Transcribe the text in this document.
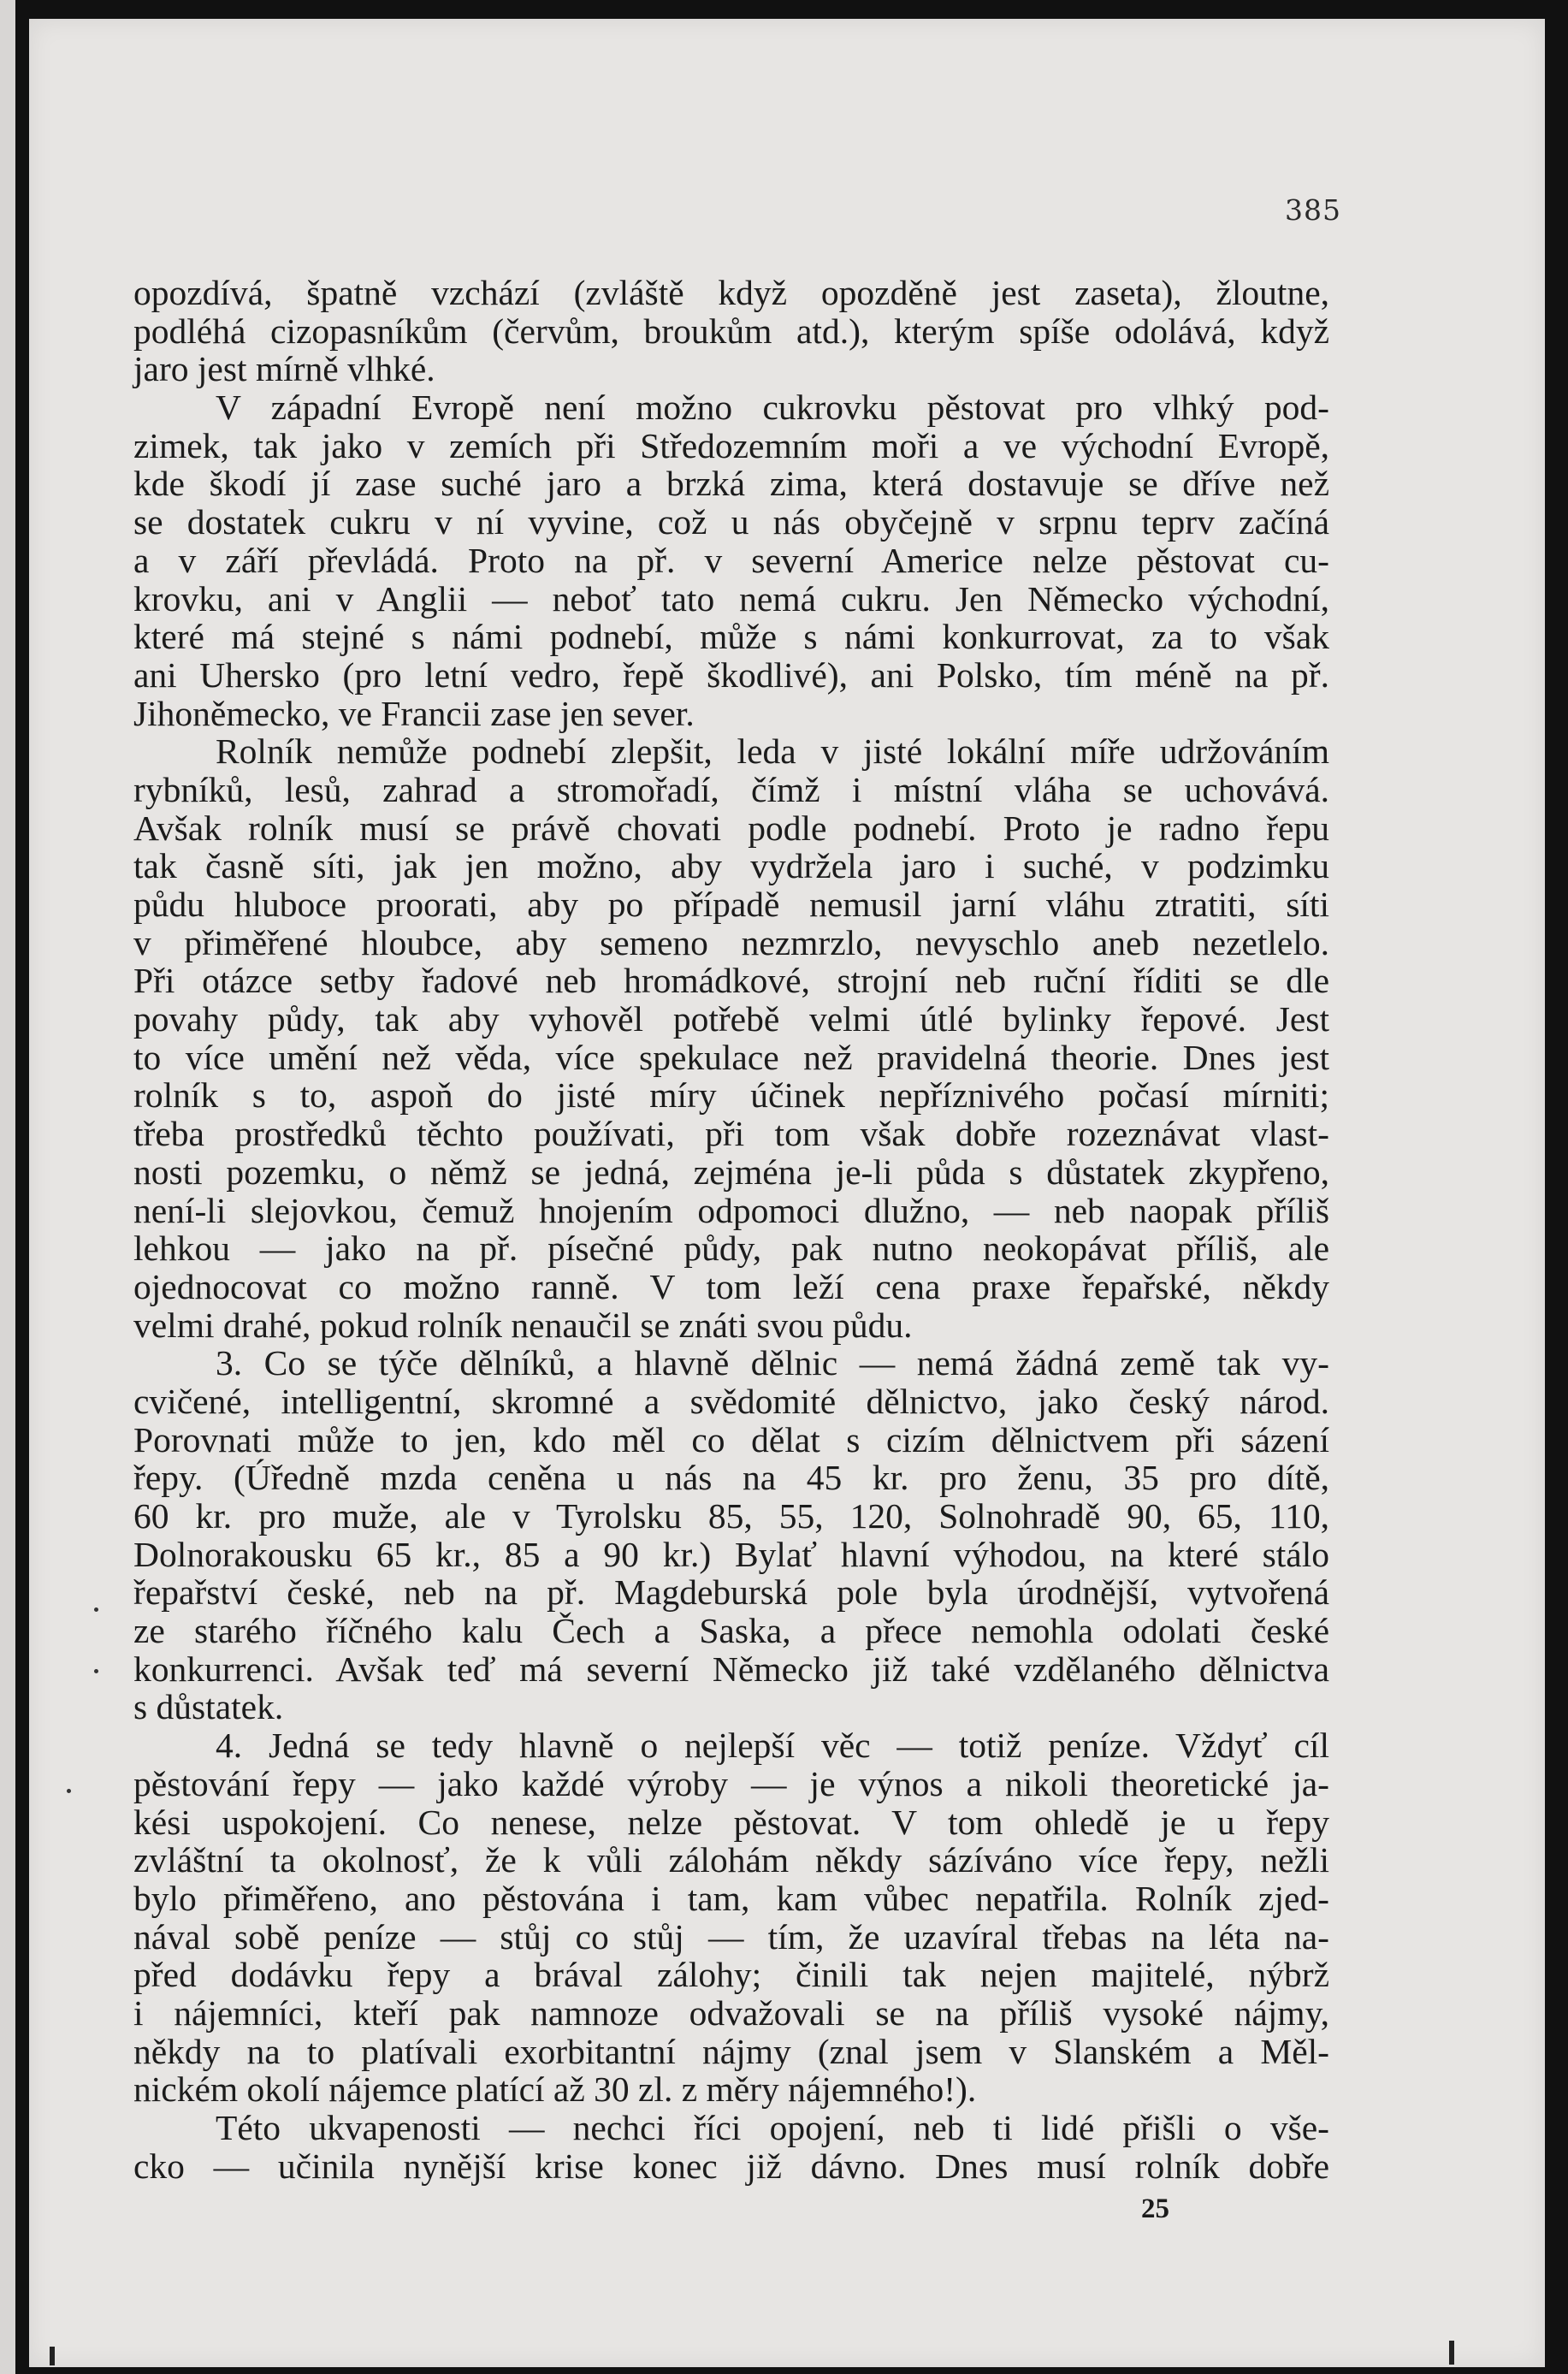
385
opozdívá, špatně vzchází (zvláště když opozděně jest zaseta), žloutne,
podléhá cizopasníkům (červům, broukům atd.), kterým spíše odolává, když
jaro jest mírně vlhké.
V západní Evropě není možno cukrovku pěstovat pro vlhký pod-
zimek, tak jako v zemích při Středozemním moři a ve východní Evropě,
kde škodí jí zase suché jaro a brzká zima, která dostavuje se dříve než
se dostatek cukru v ní vyvine, což u nás obyčejně v srpnu teprv začíná
a v září převládá. Proto na př. v severní Americe nelze pěstovat cu-
krovku, ani v Anglii — neboť tato nemá cukru. Jen Německo východní,
které má stejné s námi podnebí, může s námi konkurrovat, za to však
ani Uhersko (pro letní vedro, řepě škodlivé), ani Polsko, tím méně na př.
Jihoněmecko, ve Francii zase jen sever.
Rolník nemůže podnebí zlepšit, leda v jisté lokální míře udržováním
rybníků, lesů, zahrad a stromořadí, čímž i místní vláha se uchovává.
Avšak rolník musí se právě chovati podle podnebí. Proto je radno řepu
tak časně síti, jak jen možno, aby vydržela jaro i suché, v podzimku
půdu hluboce proorati, aby po případě nemusil jarní vláhu ztratiti, síti
v přiměřené hloubce, aby semeno nezmrzlo, nevyschlo aneb nezetlelo.
Při otázce setby řadové neb hromádkové, strojní neb ruční říditi se dle
povahy půdy, tak aby vyhověl potřebě velmi útlé bylinky řepové. Jest
to více umění než věda, více spekulace než pravidelná theorie. Dnes jest
rolník s to, aspoň do jisté míry účinek nepříznivého počasí mírniti;
třeba prostředků těchto používati, při tom však dobře rozeznávat vlast-
nosti pozemku, o němž se jedná, zejména je-li půda s důstatek zkypřeno,
není-li slejovkou, čemuž hnojením odpomoci dlužno, — neb naopak příliš
lehkou — jako na př. písečné půdy, pak nutno neokopávat příliš, ale
ojednocovat co možno ranně. V tom leží cena praxe řepařské, někdy
velmi drahé, pokud rolník nenaučil se znáti svou půdu.
3. Co se týče dělníků, a hlavně dělnic — nemá žádná země tak vy-
cvičené, intelligentní, skromné a svědomité dělnictvo, jako český národ.
Porovnati může to jen, kdo měl co dělat s cizím dělnictvem při sázení
řepy. (Úředně mzda ceněna u nás na 45 kr. pro ženu, 35 pro dítě,
60 kr. pro muže, ale v Tyrolsku 85, 55, 120, Solnohradě 90, 65, 110,
Dolnorakousku 65 kr., 85 a 90 kr.) Bylať hlavní výhodou, na které stálo
řepařství české, neb na př. Magdeburská pole byla úrodnější, vytvořená
ze starého říčného kalu Čech a Saska, a přece nemohla odolati české
konkurrenci. Avšak teď má severní Německo již také vzdělaného dělnictva
s důstatek.
4. Jedná se tedy hlavně o nejlepší věc — totiž peníze. Vždyť cíl
pěstování řepy — jako každé výroby — je výnos a nikoli theoretické ja-
kési uspokojení. Co nenese, nelze pěstovat. V tom ohledě je u řepy
zvláštní ta okolnosť, že k vůli zálohám někdy sázíváno více řepy, nežli
bylo přiměřeno, ano pěstována i tam, kam vůbec nepatřila. Rolník zjed-
nával sobě peníze — stůj co stůj — tím, že uzavíral třebas na léta na-
před dodávku řepy a brával zálohy; činili tak nejen majitelé, nýbrž
i nájemníci, kteří pak namnoze odvažovali se na příliš vysoké nájmy,
někdy na to platívali exorbitantní nájmy (znal jsem v Slanském a Měl-
nickém okolí nájemce platící až 30 zl. z měry nájemného!).
Této ukvapenosti — nechci říci opojení, neb ti lidé přišli o vše-
cko — učinila nynější krise konec již dávno. Dnes musí rolník dobře
25
